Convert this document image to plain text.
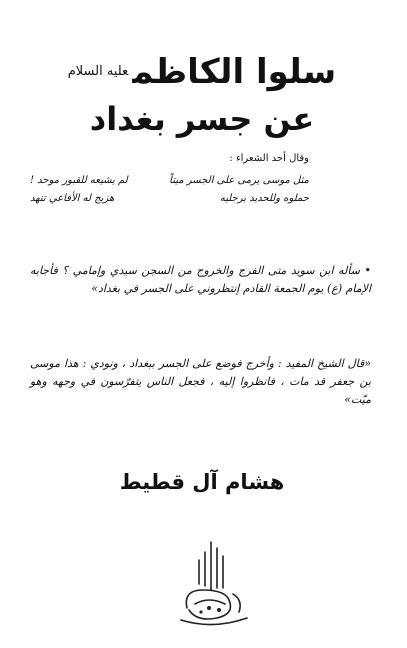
سلوا الكاظم$^{عليه السلام}$
عن جسر بغداد
وقال أحد الشعراء :
مثل موسى يرمى على الجسر ميتاً
لم يشيعه للقبور موحد !
حملوه وللحديد برجليه
هزيج له الأفاعي تنهد
• سأله ابن سويد متى الفرج والخروج من السجن سيدي وإمامي ؟ فأجابه الإمام (ع) يوم الجمعة القادم إنتظروني على الجسر في بغداد»
«قال الشيخ المفيد : وأخرج فوضع على الجسر ببغداد ، ونودي : هذا موسى بن جعفر قد مات ، فانظروا إليه ، فجعل الناس يتفرّسون في وجهه وهو ميّت»
هشام آل قطيط
